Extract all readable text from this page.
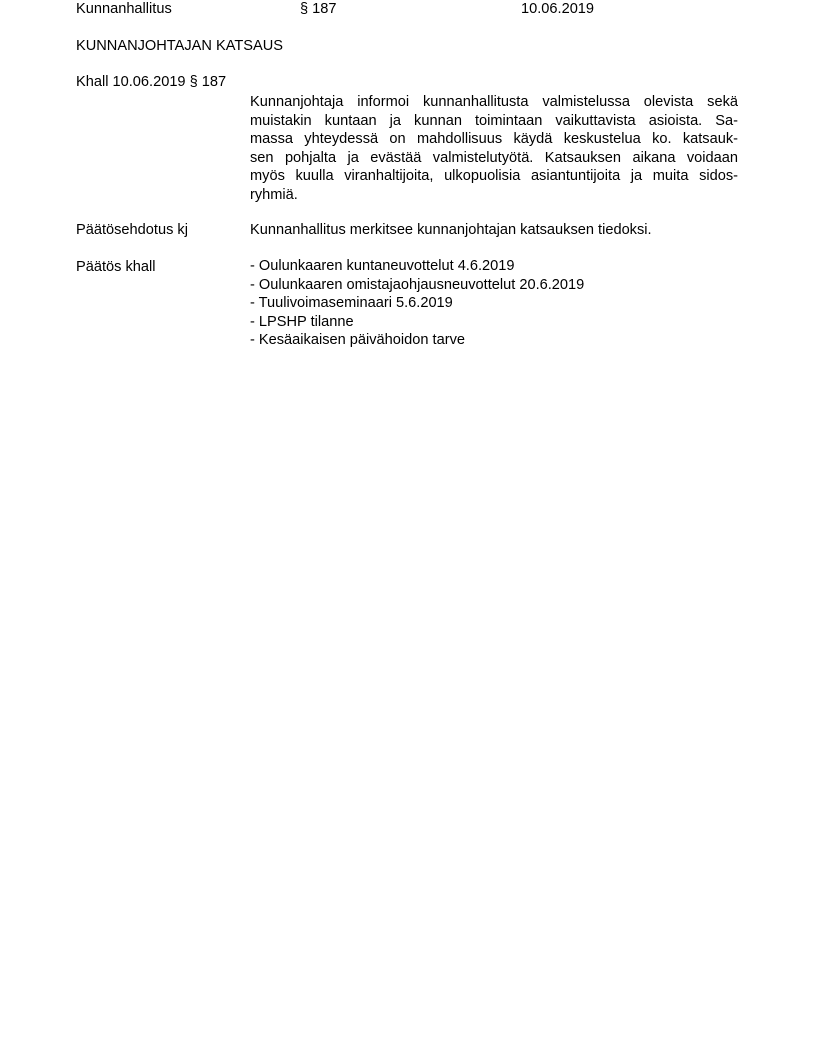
Kunnanhallitus	§ 187	10.06.2019

KUNNANJOHTAJAN KATSAUS

Khall 10.06.2019 § 187

Kunnanjohtaja informoi kunnanhallitusta valmistelussa olevista sekä
muistakin kuntaan ja kunnan toimintaan vaikuttavista asioista. Sa-
massa yhteydessä on mahdollisuus käydä keskustelua ko. katsauk-
sen pohjalta ja evästää valmistelutyötä. Katsauksen aikana voidaan
myös kuulla viranhaltijoita, ulkopuolisia asiantuntijoita ja muita sidos-
ryhmiä.

Päätösehdotus kj	Kunnanhallitus merkitsee kunnanjohtajan katsauksen tiedoksi.

Päätös khall	- Oulunkaaren kuntaneuvottelut 4.6.2019
- Oulunkaaren omistajaohjausneuvottelut 20.6.2019
- Tuulivoimaseminaari 5.6.2019
- LPSHP tilanne
- Kesäaikaisen päivähoidon tarve
